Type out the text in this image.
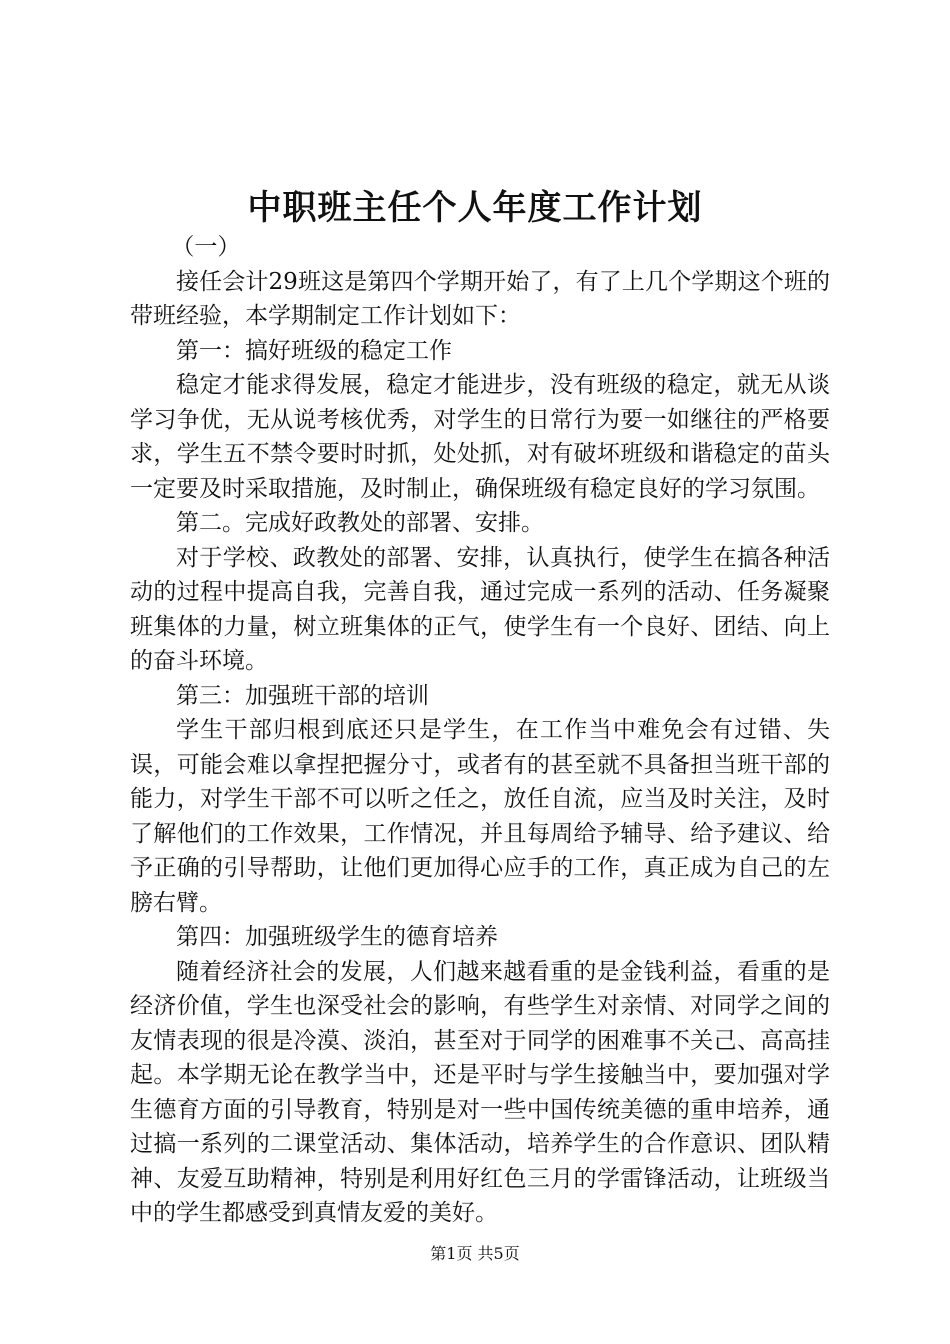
中职班主任个人年度工作计划

（一）

接任会计29班这是第四个学期开始了，有了上几个学期这个班的带班经验，本学期制定工作计划如下：

第一：搞好班级的稳定工作

稳定才能求得发展，稳定才能进步，没有班级的稳定，就无从谈学习争优，无从说考核优秀，对学生的日常行为要一如继往的严格要求，学生五不禁令要时时抓，处处抓，对有破坏班级和谐稳定的苗头一定要及时采取措施，及时制止，确保班级有稳定良好的学习氛围。

第二。完成好政教处的部署、安排。

对于学校、政教处的部署、安排，认真执行，使学生在搞各种活动的过程中提高自我，完善自我，通过完成一系列的活动、任务凝聚班集体的力量，树立班集体的正气，使学生有一个良好、团结、向上的奋斗环境。

第三：加强班干部的培训

学生干部归根到底还只是学生，在工作当中难免会有过错、失误，可能会难以拿捏把握分寸，或者有的甚至就不具备担当班干部的能力，对学生干部不可以听之任之，放任自流，应当及时关注，及时了解他们的工作效果，工作情况，并且每周给予辅导、给予建议、给予正确的引导帮助，让他们更加得心应手的工作，真正成为自己的左膀右臂。

第四：加强班级学生的德育培养

随着经济社会的发展，人们越来越看重的是金钱利益，看重的是经济价值，学生也深受社会的影响，有些学生对亲情、对同学之间的友情表现的很是冷漠、淡泊，甚至对于同学的困难事不关己、高高挂起。本学期无论在教学当中，还是平时与学生接触当中，要加强对学生德育方面的引导教育，特别是对一些中国传统美德的重申培养，通过搞一系列的二课堂活动、集体活动，培养学生的合作意识、团队精神、友爱互助精神，特别是利用好红色三月的学雷锋活动，让班级当中的学生都感受到真情友爱的美好。

第1页 共5页
